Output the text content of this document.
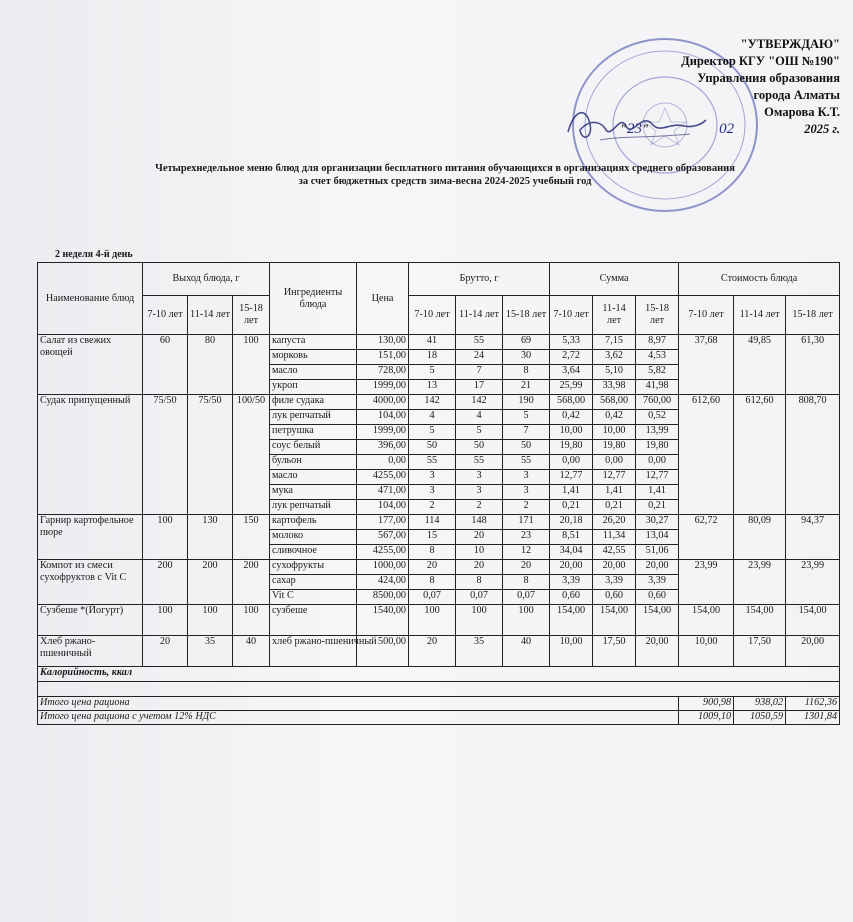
"УТВЕРЖДАЮ"
Директор КГУ "ОШ №190"
Управления образования
города Алматы
Омарова К.Т.
"23"	02	2025 г.
Четырехнедельное меню блюд для организации бесплатного питания обучающихся в организациях среднего образования
за счет бюджетных средств зима-весна 2024-2025 учебный год
2 неделя 4-й день
Наименование блюд	Выход блюда, г			Ингредиенты блюда	Цена	Брутто, г			Сумма			Стоимость блюда		
	7-10 лет	11-14 лет	15-18 лет			7-10 лет	11-14 лет	15-18 лет	7-10 лет	11-14 лет	15-18 лет	7-10 лет	11-14 лет	15-18 лет
Салат из свежих овощей	60	80	100	капуста	130,00	41	55	69	5,33	7,15	8,97	37,68	49,85	61,30
				морковь	151,00	18	24	30	2,72	3,62	4,53			
				масло	728,00	5	7	8	3,64	5,10	5,82			
				укроп	1999,00	13	17	21	25,99	33,98	41,98			
Судак припущенный	75/50	75/50	100/50	филе судака	4000,00	142	142	190	568,00	568,00	760,00	612,60	612,60	808,70
				лук репчатый	104,00	4	4	5	0,42	0,42	0,52			
				петрушка	1999,00	5	5	7	10,00	10,00	13,99			
				соус белый	396,00	50	50	50	19,80	19,80	19,80			
				бульон	0,00	55	55	55	0,00	0,00	0,00			
				масло	4255,00	3	3	3	12,77	12,77	12,77			
				мука	471,00	3	3	3	1,41	1,41	1,41			
				лук репчатый	104,00	2	2	2	0,21	0,21	0,21			
Гарнир картофельное пюре	100	130	150	картофель	177,00	114	148	171	20,18	26,20	30,27	62,72	80,09	94,37
				молоко	567,00	15	20	23	8,51	11,34	13,04			
				сливочное	4255,00	8	10	12	34,04	42,55	51,06			
Компот из смеси сухофруктов с Vit C	200	200	200	сухофрукты	1000,00	20	20	20	20,00	20,00	20,00	23,99	23,99	23,99
				сахар	424,00	8	8	8	3,39	3,39	3,39			
				Vit C	8500,00	0,07	0,07	0,07	0,60	0,60	0,60			
Сузбеше *(Йогурт)	100	100	100	сузбеше	1540,00	100	100	100	154,00	154,00	154,00	154,00	154,00	154,00
Хлеб ржано-пшеничный	20	35	40	хлеб ржано-пшеничный	500,00	20	35	40	10,00	17,50	20,00	10,00	17,50	20,00
Калорийность, ккал														

Итого цена рациона												900,98	938,02	1162,36
Итого цена рациона с учетом 12% НДС												1009,10	1050,59	1301,84
